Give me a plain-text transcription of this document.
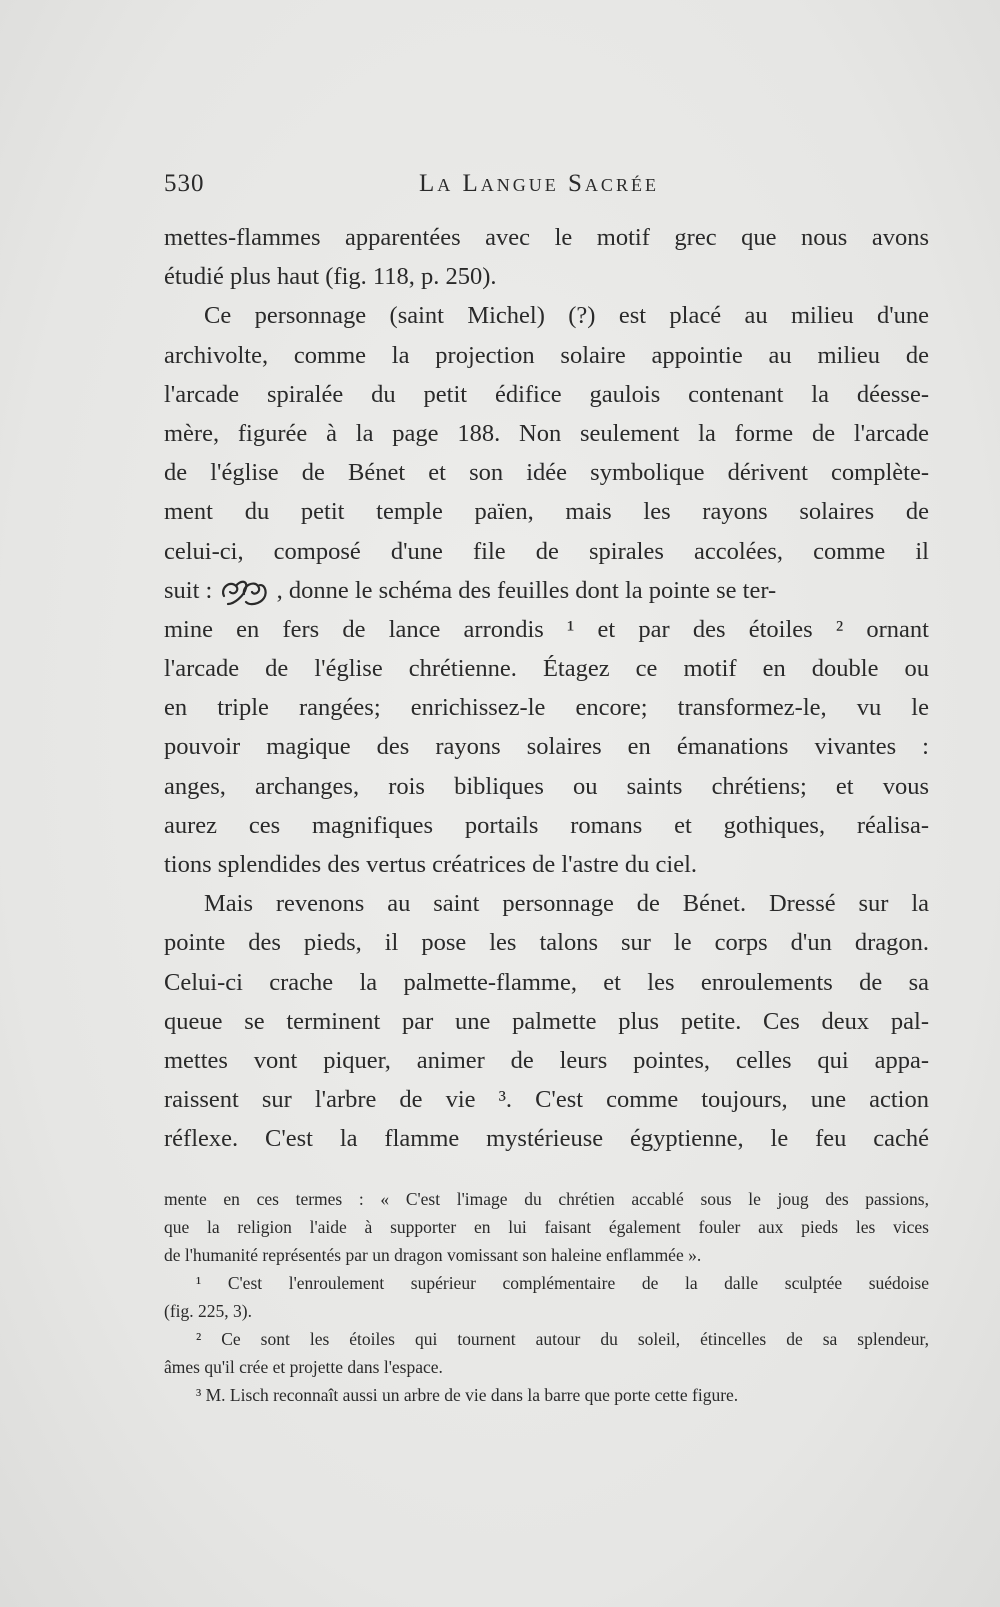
530	La Langue Sacrée
mettes-flammes apparentées avec le motif grec que nous avons
étudié plus haut (fig. 118, p. 250).
Ce personnage (saint Michel) (?) est placé au milieu d'une
archivolte, comme la projection solaire appointie au milieu de
l'arcade spiralée du petit édifice gaulois contenant la déesse-
mère, figurée à la page 188. Non seulement la forme de l'arcade
de l'église de Bénet et son idée symbolique dérivent complète-
ment du petit temple païen, mais les rayons solaires de
celui-ci, composé d'une file de spirales accolées, comme il
suit :	, donne le schéma des feuilles dont la pointe se ter-
mine en fers de lance arrondis ¹ et par des étoiles ² ornant
l'arcade de l'église chrétienne. Étagez ce motif en double ou
en triple rangées; enrichissez-le encore; transformez-le, vu le
pouvoir magique des rayons solaires en émanations vivantes :
anges, archanges, rois bibliques ou saints chrétiens; et vous
aurez ces magnifiques portails romans et gothiques, réalisa-
tions splendides des vertus créatrices de l'astre du ciel.
Mais revenons au saint personnage de Bénet. Dressé sur la
pointe des pieds, il pose les talons sur le corps d'un dragon.
Celui-ci crache la palmette-flamme, et les enroulements de sa
queue se terminent par une palmette plus petite. Ces deux pal-
mettes vont piquer, animer de leurs pointes, celles qui appa-
raissent sur l'arbre de vie ³. C'est comme toujours, une action
réflexe. C'est la flamme mystérieuse égyptienne, le feu caché
mente en ces termes : « C'est l'image du chrétien accablé sous le joug des passions,
que la religion l'aide à supporter en lui faisant également fouler aux pieds les vices
de l'humanité représentés par un dragon vomissant son haleine enflammée ».
¹ C'est l'enroulement supérieur complémentaire de la dalle sculptée suédoise
(fig. 225, 3).
² Ce sont les étoiles qui tournent autour du soleil, étincelles de sa splendeur,
âmes qu'il crée et projette dans l'espace.
³ M. Lisch reconnaît aussi un arbre de vie dans la barre que porte cette figure.
